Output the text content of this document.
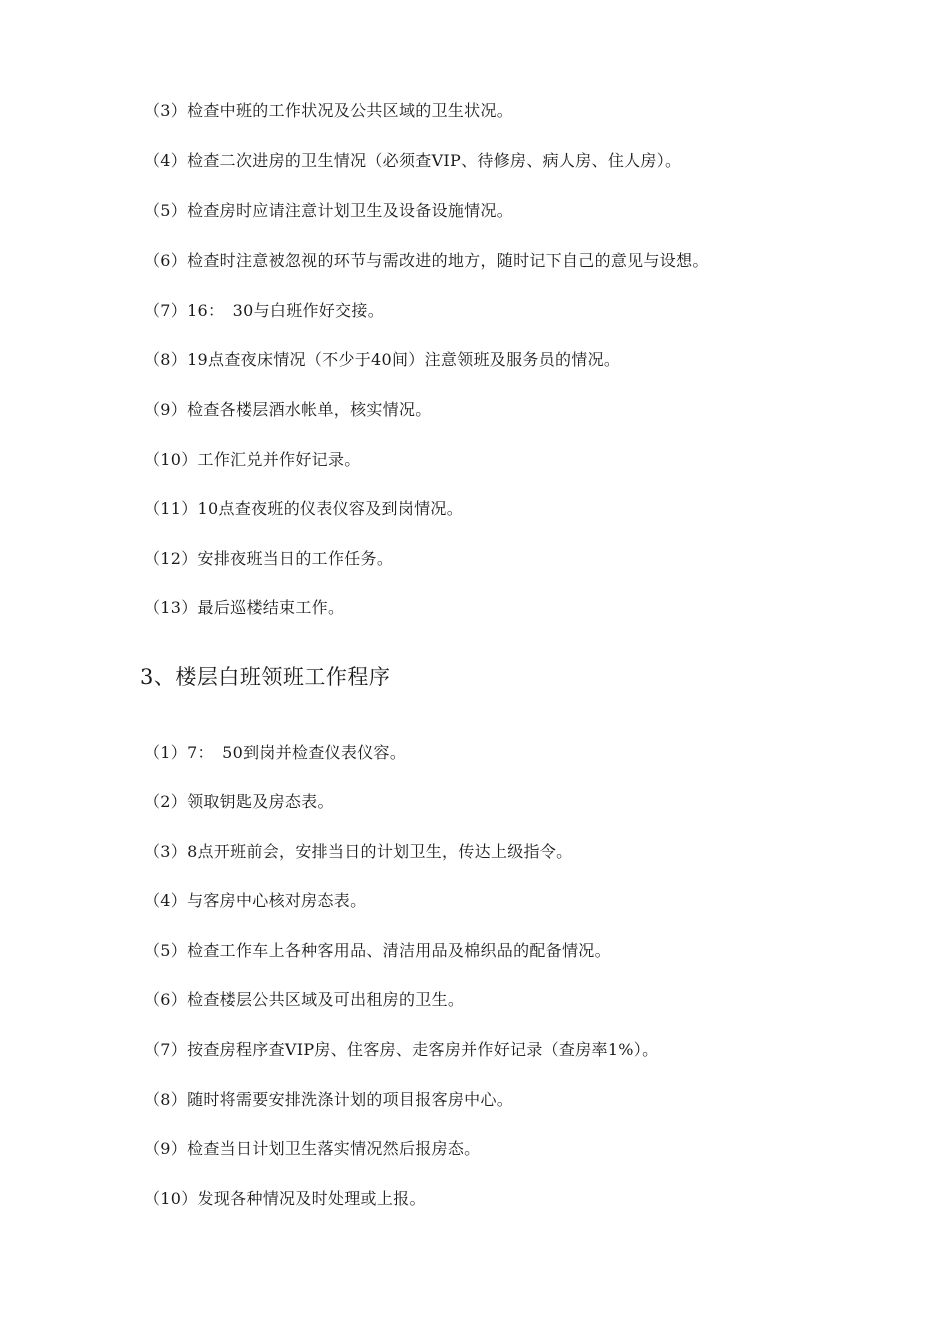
（3）检查中班的工作状况及公共区域的卫生状况。
（4）检查二次进房的卫生情况（必须查VIP、待修房、病人房、住人房）。
（5）检查房时应请注意计划卫生及设备设施情况。
（6）检查时注意被忽视的环节与需改进的地方，随时记下自己的意见与设想。
（7）16：　30与白班作好交接。
（8）19点查夜床情况（不少于40间）注意领班及服务员的情况。
（9）检查各楼层酒水帐单，核实情况。
（10）工作汇兑并作好记录。
（11）10点查夜班的仪表仪容及到岗情况。
（12）安排夜班当日的工作任务。
（13）最后巡楼结束工作。
3、楼层白班领班工作程序
（1）7：　50到岗并检查仪表仪容。
（2）领取钥匙及房态表。
（3）8点开班前会，安排当日的计划卫生，传达上级指令。
（4）与客房中心核对房态表。
（5）检查工作车上各种客用品、清洁用品及棉织品的配备情况。
（6）检查楼层公共区域及可出租房的卫生。
（7）按查房程序查VIP房、住客房、走客房并作好记录（查房率1%）。
（8）随时将需要安排洗涤计划的项目报客房中心。
（9）检查当日计划卫生落实情况然后报房态。
（10）发现各种情况及时处理或上报。
